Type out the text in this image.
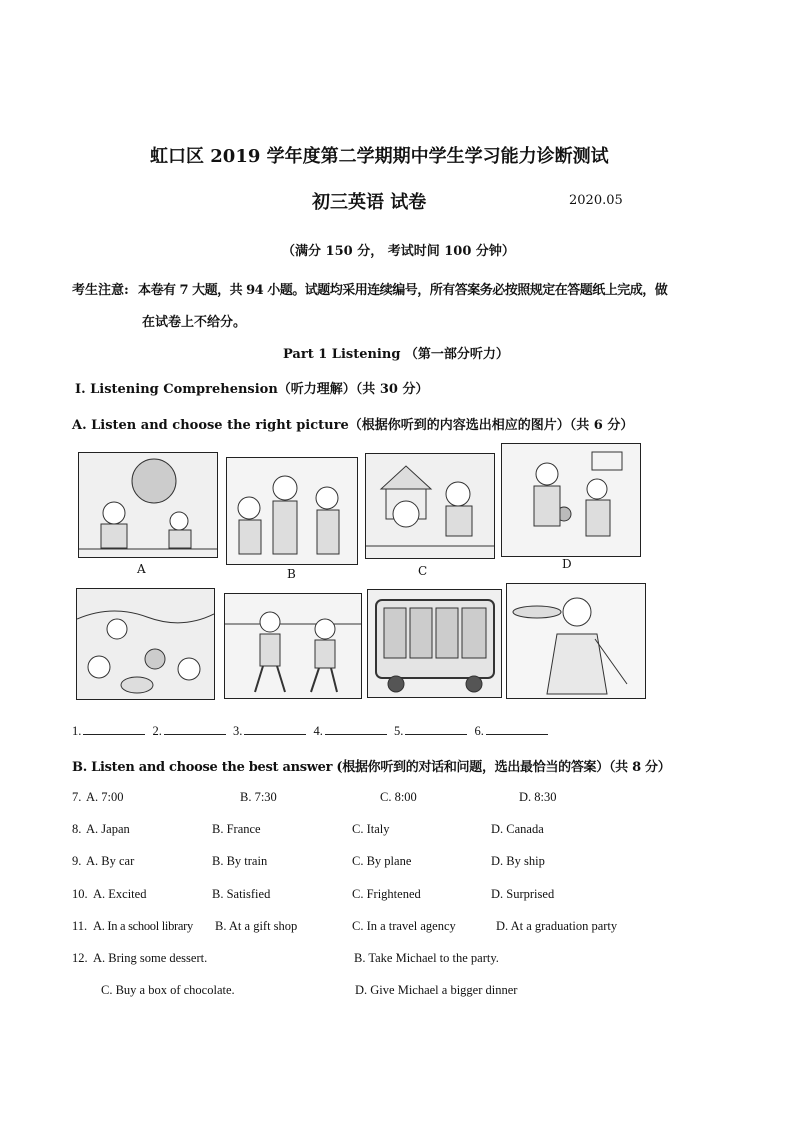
虹口区 2019 学年度第二学期期中学生学习能力诊断测试
初三英语 试卷	2020.05
（满分 150 分， 考试时间 100 分钟）
考生注意: 本卷有 7 大题，共 94 小题。试题均采用连续编号，所有答案务必按照规定在答题纸上完成，做
在试卷上不给分。
Part 1 Listening （第一部分听力）
Ⅰ. Listening Comprehension（听力理解）（共 30 分）
A. Listen and choose the right picture（根据你听到的内容选出相应的图片）（共 6 分）
A	B	C	D
1.	2.	3.	4.	5.	6.
B. Listen and choose the best answer (根据你听到的对话和问题，选出最恰当的答案）（共 8 分）
7. A. 7:00	B. 7:30	C. 8:00	D. 8:30
8. A. Japan	B. France	C. Italy	D. Canada
9. A. By car	B. By train	C. By plane	D. By ship
10. A. Excited	B. Satisfied	C. Frightened	D. Surprised
11. A. In a school library B. At a gift shop	C. In a travel agency	D. At a graduation party
12. A. Bring some dessert.	B. Take Michael to the party.
C. Buy a box of chocolate.	D. Give Michael a bigger dinner
